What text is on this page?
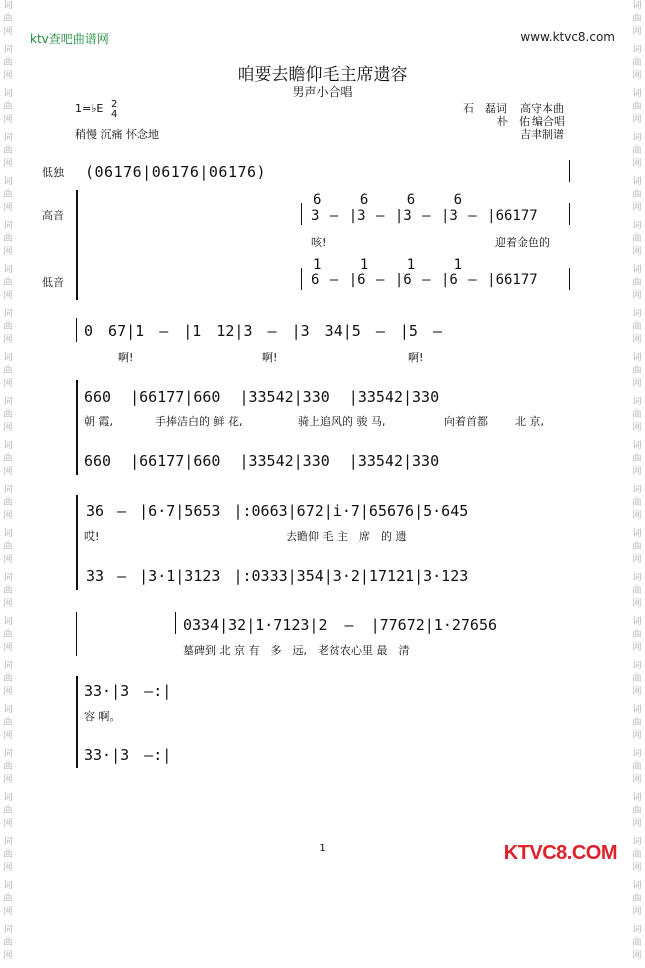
词
曲
网
词
曲
网
词
曲
网
词
曲
网
词
曲
网
词
曲
网
词
曲
网
词
曲
网
词
曲
网
词
曲
网
词
曲
网
词
曲
网
词
曲
网
词
曲
网
词
曲
网
词
曲
网
词
曲
网
词
曲
网
词
曲
网
词
曲
网
词
曲
网
词
曲
网
词
曲
网
词
曲
网
词
曲
网
词
曲
网
词
曲
网
词
曲
网
词
曲
网
词
曲
网
词
曲
网
词
曲
网
词
曲
网
词
曲
网
词
曲
网
词
曲
网
词
曲
网
词
曲
网
词
曲
网
词
曲
网
词
曲
网
词
曲
网
词
曲
网
词
曲
网
ktv查吧曲谱网	www.ktvc8.com
咱要去瞻仰毛主席遗容
男声小合唱
1=♭E 2
4
稍慢 沉痛 怀念地
石　磊词 高守本曲
朴　佑 编合唱
吉聿制谱
低独
高音
低音
(06176|06176|06176)
6 6 6 6
3 — |3 — |3 — |3 — |66177
咳!	迎着金色的
1 1 1 1
6 — |6 — |6 — |6 — |66177
0 67|1 — |1 12|3 — |3 34|5 — |5 —
啊!	啊!	啊!
660 |66177|660 |33542|330 |33542|330
朝 霞,	手捧洁白的 鲜 花,	骑上追风的 骏 马,	向着首都 北 京,
660 |66177|660 |33542|330 |33542|330
36 — |6·7|5653 |:0663|672|i·7|65676|5·645
哎!	去瞻仰 毛 主　席　的 遗
33 — |3·1|3123 |:0333|354|3·2|17121|3·123
0334|32|1·7123|2 — |77672|1·27656
墓碑到 北 京 有　多　远,　老贫农心里 最　清
33·|3 —:|
容 啊。
33·|3 —:|
1	KTVC8.COM
